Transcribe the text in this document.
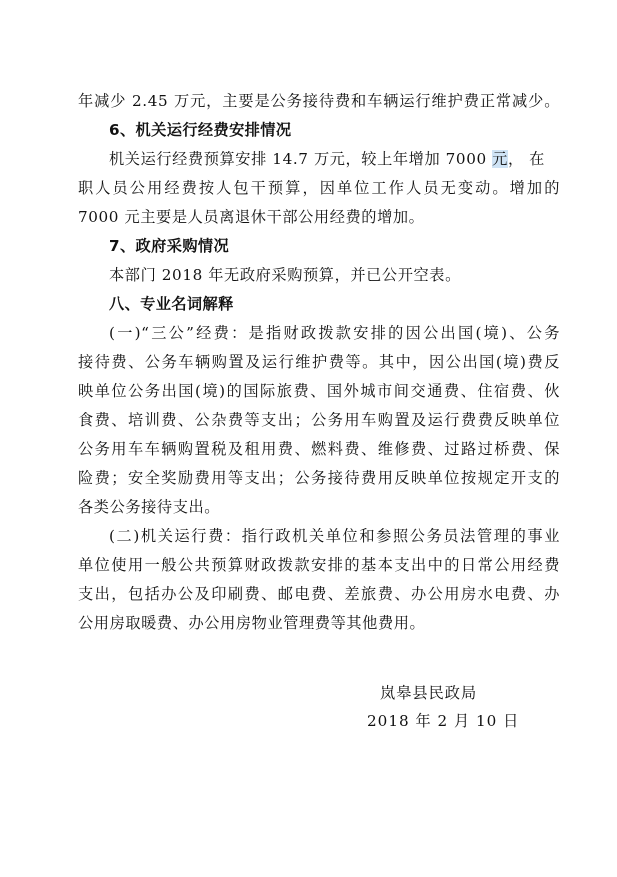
年减少 2.45 万元，主要是公务接待费和车辆运行维护费正常减少。
6、机关运行经费安排情况
机关运行经费预算安排 14.7 万元，较上年增加 7000 元， 在
职人员公用经费按人包干预算，因单位工作人员无变动。增加的
7000 元主要是人员离退休干部公用经费的增加。
7、政府采购情况
本部门 2018 年无政府采购预算，并已公开空表。
八、专业名词解释
(一)“三公”经费：是指财政拨款安排的因公出国(境)、公务
接待费、公务车辆购置及运行维护费等。其中，因公出国(境)费反
映单位公务出国(境)的国际旅费、国外城市间交通费、住宿费、伙
食费、培训费、公杂费等支出；公务用车购置及运行费费反映单位
公务用车车辆购置税及租用费、燃料费、维修费、过路过桥费、保
险费；安全奖励费用等支出；公务接待费用反映单位按规定开支的
各类公务接待支出。
(二)机关运行费：指行政机关单位和参照公务员法管理的事业
单位使用一般公共预算财政拨款安排的基本支出中的日常公用经费
支出，包括办公及印刷费、邮电费、差旅费、办公用房水电费、办
公用房取暖费、办公用房物业管理费等其他费用。
岚皋县民政局
2018 年 2 月 10 日
